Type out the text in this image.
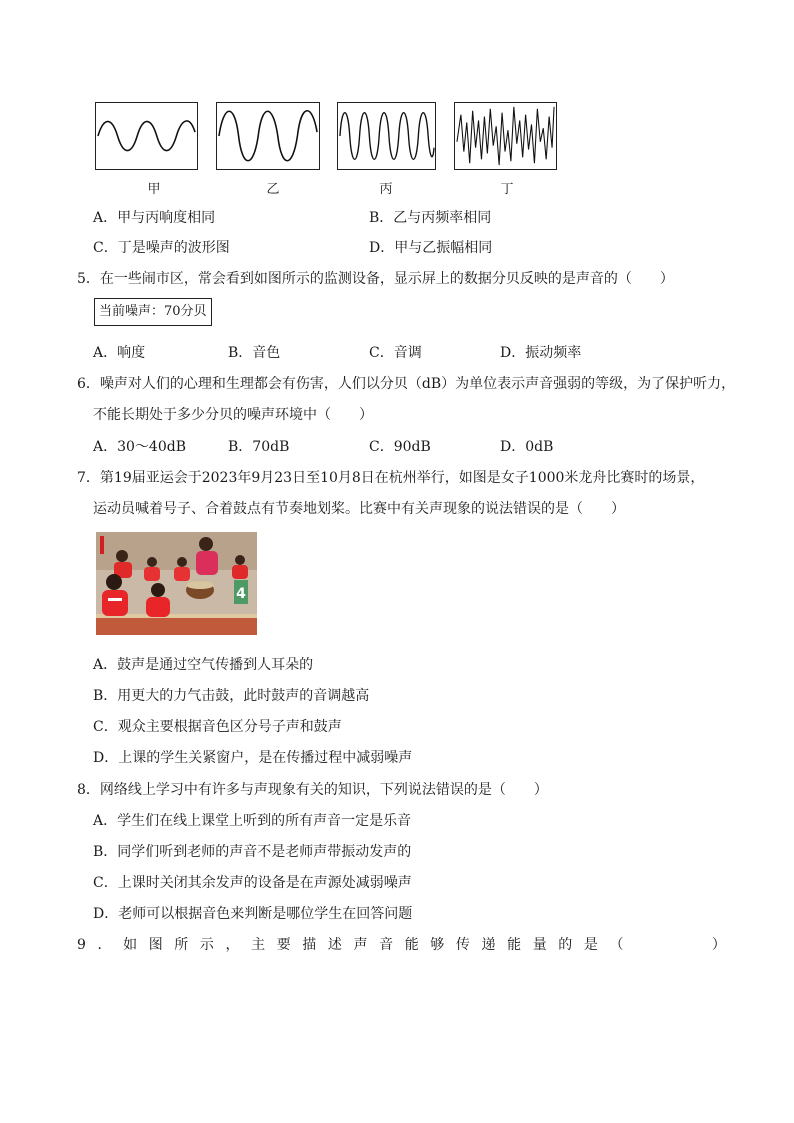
甲	乙	丙	丁
A．甲与丙响度相同	B．乙与丙频率相同
C．丁是噪声的波形图	D．甲与乙振幅相同
5．在一些闹市区，常会看到如图所示的监测设备，显示屏上的数据分贝反映的是声音的（　　）
当前噪声：70分贝
A．响度	B．音色	C．音调	D．振动频率
6．噪声对人们的心理和生理都会有伤害，人们以分贝（dB）为单位表示声音强弱的等级，为了保护听力，
不能长期处于多少分贝的噪声环境中（　　）
A．30～40dB	B．70dB	C．90dB	D．0dB
7．第19届亚运会于2023年9月23日至10月8日在杭州举行，如图是女子1000米龙舟比赛时的场景，
运动员喊着号子、合着鼓点有节奏地划桨。比赛中有关声现象的说法错误的是（　　）
4
A．鼓声是通过空气传播到人耳朵的
B．用更大的力气击鼓，此时鼓声的音调越高
C．观众主要根据音色区分号子声和鼓声
D．上课的学生关紧窗户，是在传播过程中减弱噪声
8．网络线上学习中有许多与声现象有关的知识，下列说法错误的是（　　）
A．学生们在线上课堂上听到的所有声音一定是乐音
B．同学们听到老师的声音不是老师声带振动发声的
C．上课时关闭其余发声的设备是在声源处减弱噪声
D．老师可以根据音色来判断是哪位学生在回答问题
9．如图所示，主要描述声音能够传递能量的是（　　　）
